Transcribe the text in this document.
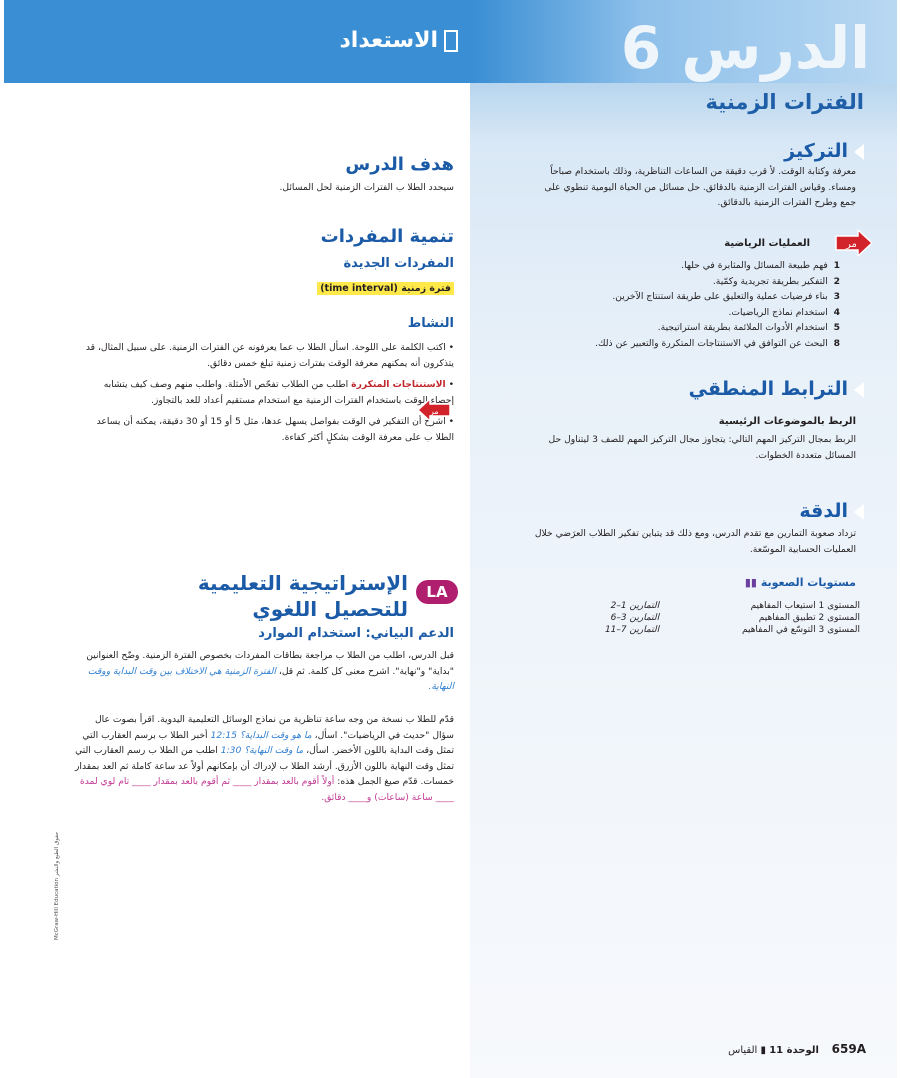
الاستعداد	الدرس 6
الفترات الزمنية
التركيز
معرفة وكتابة الوقت. لأ قرب دقيقة من الساعات التناظرية، وذلك باستخدام صباحاً ومساء. وقياس الفترات الزمنية بالدقائق. حل مسائل من الحياة اليومية تنطوي على جمع وطرح الفترات الزمنية بالدقائق.
مر
العمليات الرياضية
1  فهم طبيعة المسائل والمثابرة في حلها.
2  التفكير بطريقة تجريدية وكمّية.
3  بناء فرضيات عملية والتعليق على طريقة استنتاج الآخرين.
4  استخدام نماذج الرياضيات.
5  استخدام الأدوات الملائمة بطريقة استراتيجية.
8  البحث عن التوافق في الاستنتاجات المتكررة والتعبير عن ذلك.
الترابط المنطقي
الربط بالموضوعات الرئيسية
الربط بمجال التركيز المهم التالي: يتجاوز مجال التركيز المهم للصف 3 ليتناول حل المسائل متعددة الخطوات.
الدقة
تزداد صعوبة التمارين مع تقدم الدرس، ومع ذلك قد يتباين تفكير الطلاب العرَضي خلال العمليات الحسابية الموسّعة.
مستويات الصعوبة ▮▮
المستوى 1 استيعاب المفاهيم	التمارين 1–2
المستوى 2 تطبيق المفاهيم	التمارين 3–6
المستوى 3 التوسّع في المفاهيم	التمارين 7–11
هدف الدرس
سيحدد الطلا ب الفترات الزمنية لحل المسائل.
تنمية المفردات
المفردات الجديدة
فترة زمنية (time interval)
النشاط
• اكتب الكلمة على اللوحة. اسأل الطلا ب عما يعرفونه عن الفترات الزمنية. على سبيل المثال، قد يتذكرون أنه يمكنهم معرفة الوقت بفترات زمنية تبلغ خمس دقائق.
• الاستنتاجات المتكررة اطلب من الطلاب تفحّص الأمثلة. واطلب منهم وصف كيف يتشابه إحصاء الوقت باستخدام الفترات الزمنية مع استخدام مستقيم أعداد للعد بالتجاوز.
• اشرح أن التفكير في الوقت بفواصل يسهل عدها، مثل 5 أو 15 أو 30 دقيقة، يمكنه أن يساعد الطلا ب على معرفة الوقت بشكلٍ أكثر كفاءة.
مر
LA
الإستراتيجية التعليمية للتحصيل اللغوي
الدعم البياني: استخدام الموارد
قبل الدرس، اطلب من الطلا ب مراجعة بطاقات المفردات بخصوص الفترة الزمنية. وضّح العنوانين "بداية" و"نهاية". اشرح معنى كل كلمة. ثم قل، الفترة الزمنية هي الاختلاف بين وقت البداية ووقت النهاية.
قدّم للطلا ب نسخة من وجه ساعة تناظرية من نماذج الوسائل التعليمية اليدوية. اقرأ بصوت عال سؤال "حديث في الرياضيات". اسأل، ما هو وقت البداية؟ 12:15 أخبر الطلا ب برسم العقارب التي تمثل وقت البداية باللون الأخضر. اسأل، ما وقت النهاية؟ 1:30 اطلب من الطلا ب رسم العقارب التي تمثل وقت النهاية باللون الأزرق. أرشد الطلا ب لإدراك أن بإمكانهم أولاً عد ساعة كاملة ثم العد بمقدار خمسات. قدّم صيغ الجمل هذه: أولاً أقوم بالعد بمقدار ____ ثم أقوم بالعد بمقدار ____ تام لوي لمدة ____ ساعة (ساعات) و____ دقائق.
McGraw-Hill Education حقوق الطبع والنشر
659A    الوحدة 11 ▮ القياس
